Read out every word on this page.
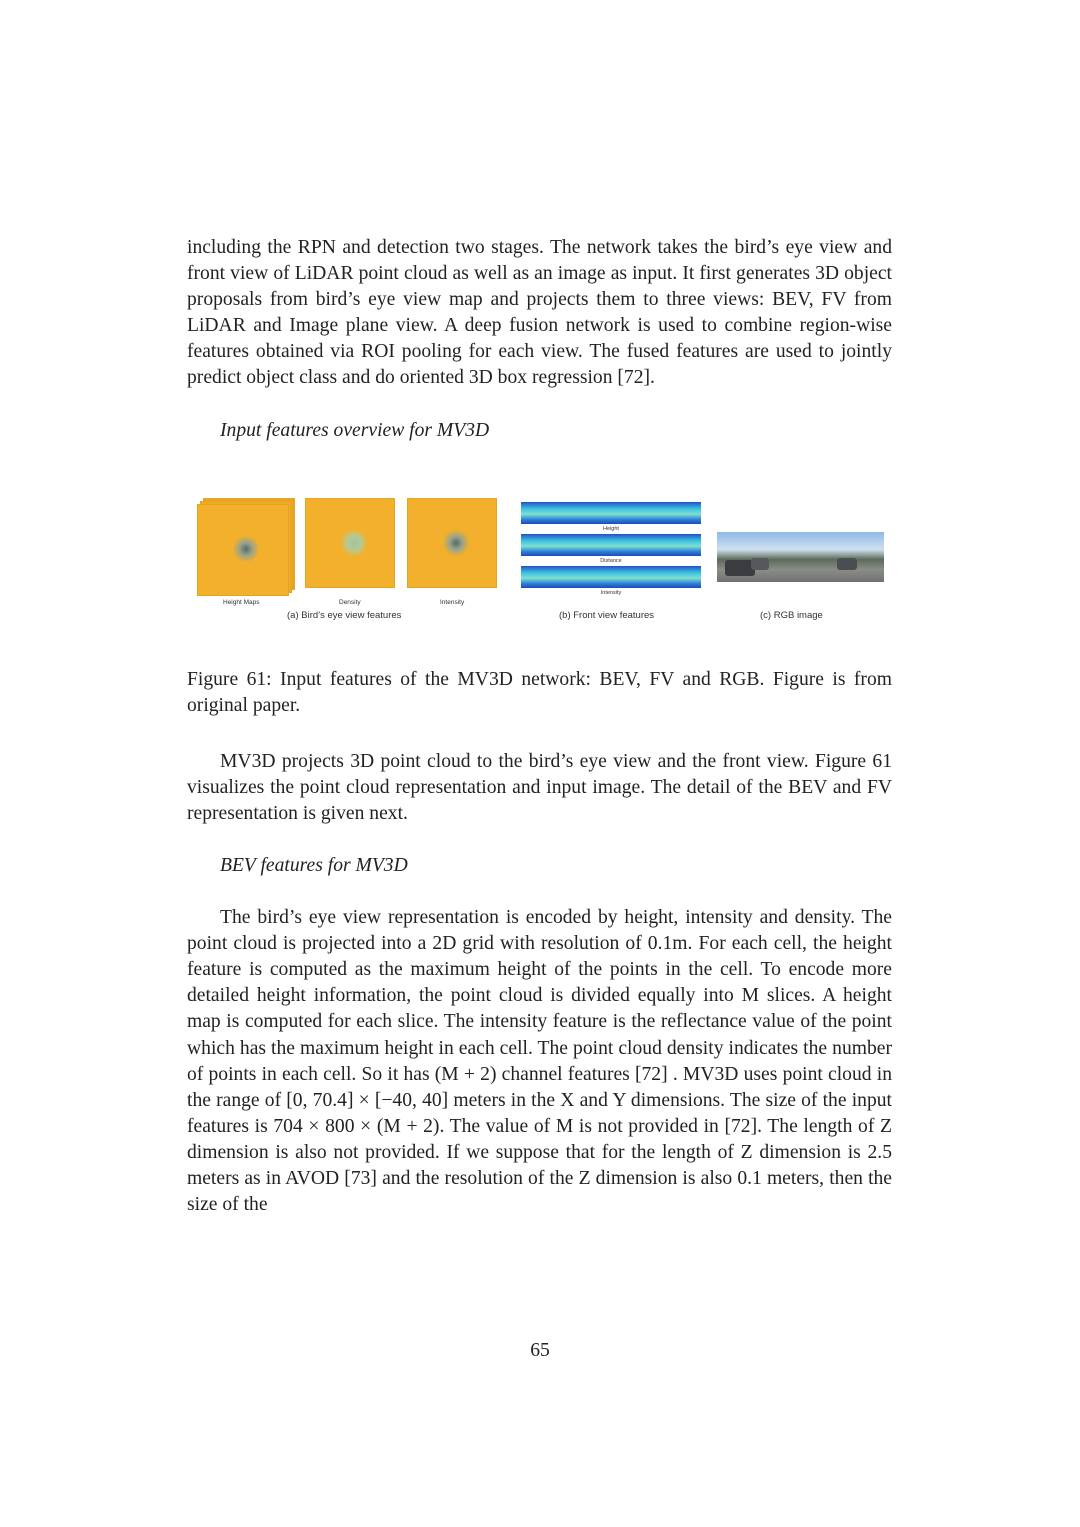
including the RPN and detection two stages. The network takes the bird’s eye view and front view of LiDAR point cloud as well as an image as input. It first generates 3D object proposals from bird’s eye view map and projects them to three views: BEV, FV from LiDAR and Image plane view. A deep fusion network is used to combine region-wise features obtained via ROI pooling for each view. The fused features are used to jointly predict object class and do oriented 3D box regression [72].

Input features overview for MV3D
Height Maps	Density	Intensity
Height
Distance
Intensity
(a) Bird’s eye view features	(b) Front view features	(c) RGB image

Figure 61: Input features of the MV3D network: BEV, FV and RGB. Figure is from original paper.

MV3D projects 3D point cloud to the bird’s eye view and the front view. Figure 61 visualizes the point cloud representation and input image. The detail of the BEV and FV representation is given next.

BEV features for MV3D

The bird’s eye view representation is encoded by height, intensity and density. The point cloud is projected into a 2D grid with resolution of 0.1m. For each cell, the height feature is computed as the maximum height of the points in the cell. To encode more detailed height information, the point cloud is divided equally into M slices. A height map is computed for each slice. The intensity feature is the reflectance value of the point which has the maximum height in each cell. The point cloud density indicates the number of points in each cell. So it has (M + 2) channel features [72] . MV3D uses point cloud in the range of [0, 70.4] × [−40, 40] meters in the X and Y dimensions. The size of the input features is 704 × 800 × (M + 2). The value of M is not provided in [72]. The length of Z dimension is also not provided. If we suppose that for the length of Z dimension is 2.5 meters as in AVOD [73] and the resolution of the Z dimension is also 0.1 meters, then the size of the

65
